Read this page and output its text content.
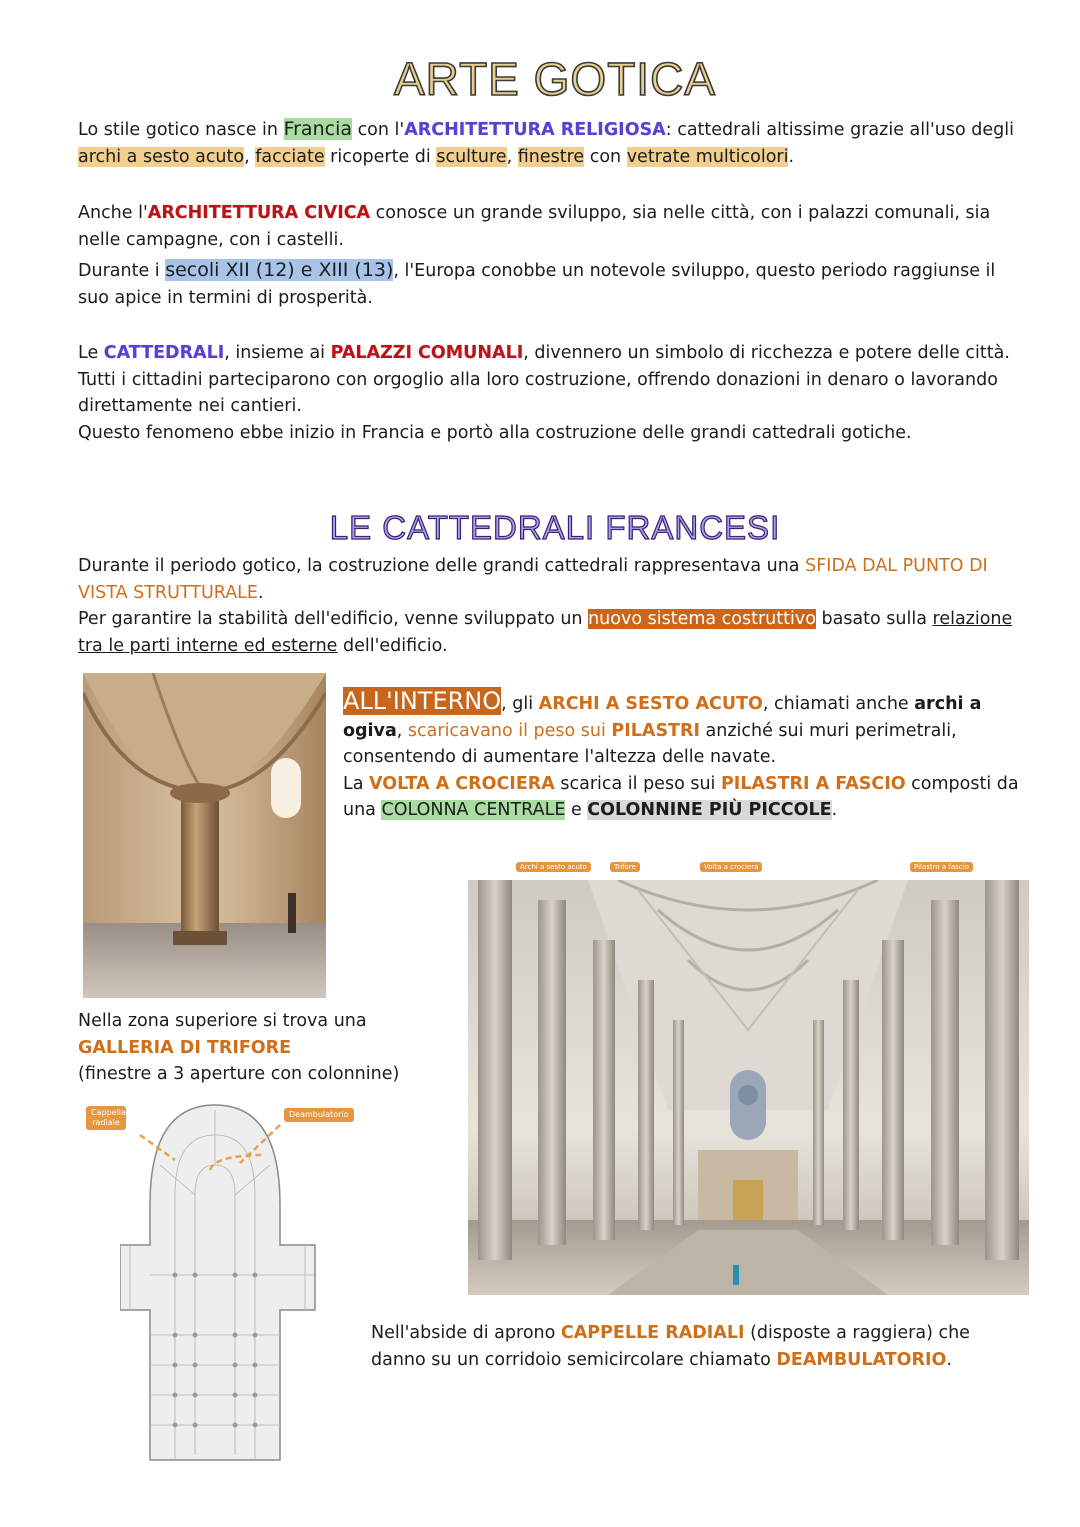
ARTE GOTICA
Lo stile gotico nasce in Francia con l'ARCHITETTURA RELIGIOSA: cattedrali altissime grazie all'uso degli archi a sesto acuto, facciate ricoperte di sculture, finestre con vetrate multicolori.
Anche l'ARCHITETTURA CIVICA conosce un grande sviluppo, sia nelle città, con i palazzi comunali, sia nelle campagne, con i castelli.
Durante i secoli XII (12) e XIII (13), l'Europa conobbe un notevole sviluppo, questo periodo raggiunse il suo apice in termini di prosperità.
Le CATTEDRALI, insieme ai PALAZZI COMUNALI, divennero un simbolo di ricchezza e potere delle città.
Tutti i cittadini parteciparono con orgoglio alla loro costruzione, offrendo donazioni in denaro o lavorando direttamente nei cantieri.
Questo fenomeno ebbe inizio in Francia e portò alla costruzione delle grandi cattedrali gotiche.
LE CATTEDRALI FRANCESI
Durante il periodo gotico, la costruzione delle grandi cattedrali rappresentava una SFIDA DAL PUNTO DI VISTA STRUTTURALE.
Per garantire la stabilità dell'edificio, venne sviluppato un nuovo sistema costruttivo basato sulla relazione tra le parti interne ed esterne dell'edificio.
ALL'INTERNO, gli ARCHI A SESTO ACUTO, chiamati anche archi a ogiva, scaricavano il peso sui PILASTRI anziché sui muri perimetrali, consentendo di aumentare l'altezza delle navate.
La VOLTA A CROCIERA scarica il peso sui PILASTRI A FASCIO composti da una COLONNA CENTRALE e COLONNINE PIÙ PICCOLE.
Archi a sesto acuto	Trifore	Volta a crociera	Pilastro a fascio
Nella zona superiore si trova una
GALLERIA DI TRIFORE
(finestre a 3 aperture con colonnine)
Cappella radiale
Deambulatorio
Nell'abside di aprono CAPPELLE RADIALI (disposte a raggiera) che danno su un corridoio semicircolare chiamato DEAMBULATORIO.
